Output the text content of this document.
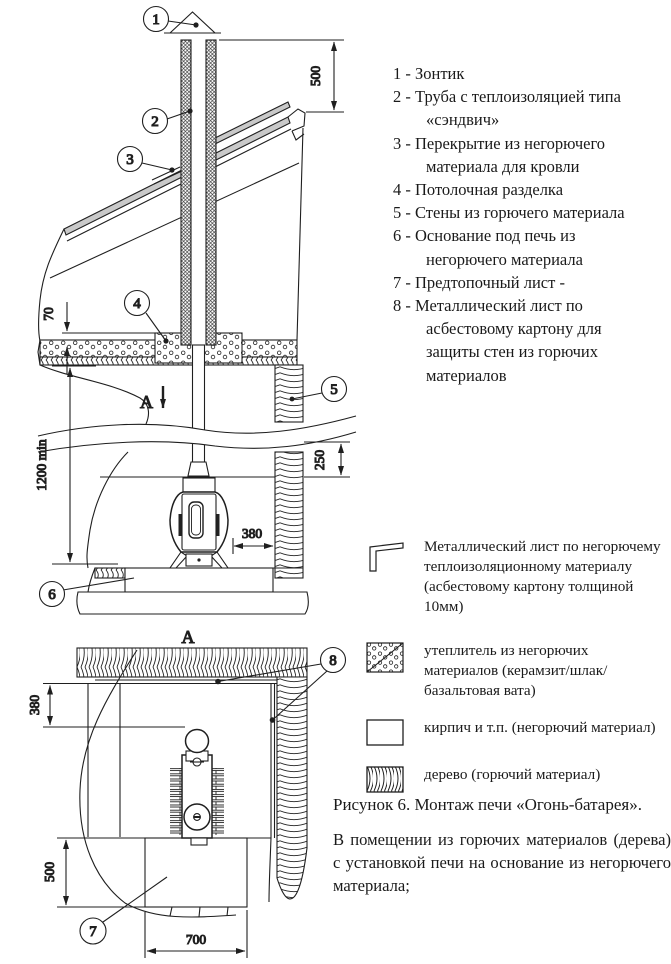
500
70
1200 min	250
380
А
1
2
3
4
5
6
А
380
500
700
7
8
1 - Зонтик
2 - Труба с теплоизоляцией типа «сэндвич»
3 - Перекрытие из негорючего материала для кровли
4 - Потолочная разделка
5 - Стены из горючего материала
6 - Основание под печь из негорючего материала
7 - Предтопочный лист -
8 - Металлический лист по асбестовому картону для защиты стен из горючих материалов
Металлический лист по негорючему теплоизоляционному материалу (асбестовому картону толщиной 10мм)
утеплитель из негорючих материалов (керамзит/шлак/базальтовая вата)
кирпич и т.п. (негорючий материал)
дерево (горючий материал)
Рисунок 6. Монтаж печи «Огонь-батарея».
В помещении из горючих материалов (дерева) с установкой печи на основание из негорючего материала;
